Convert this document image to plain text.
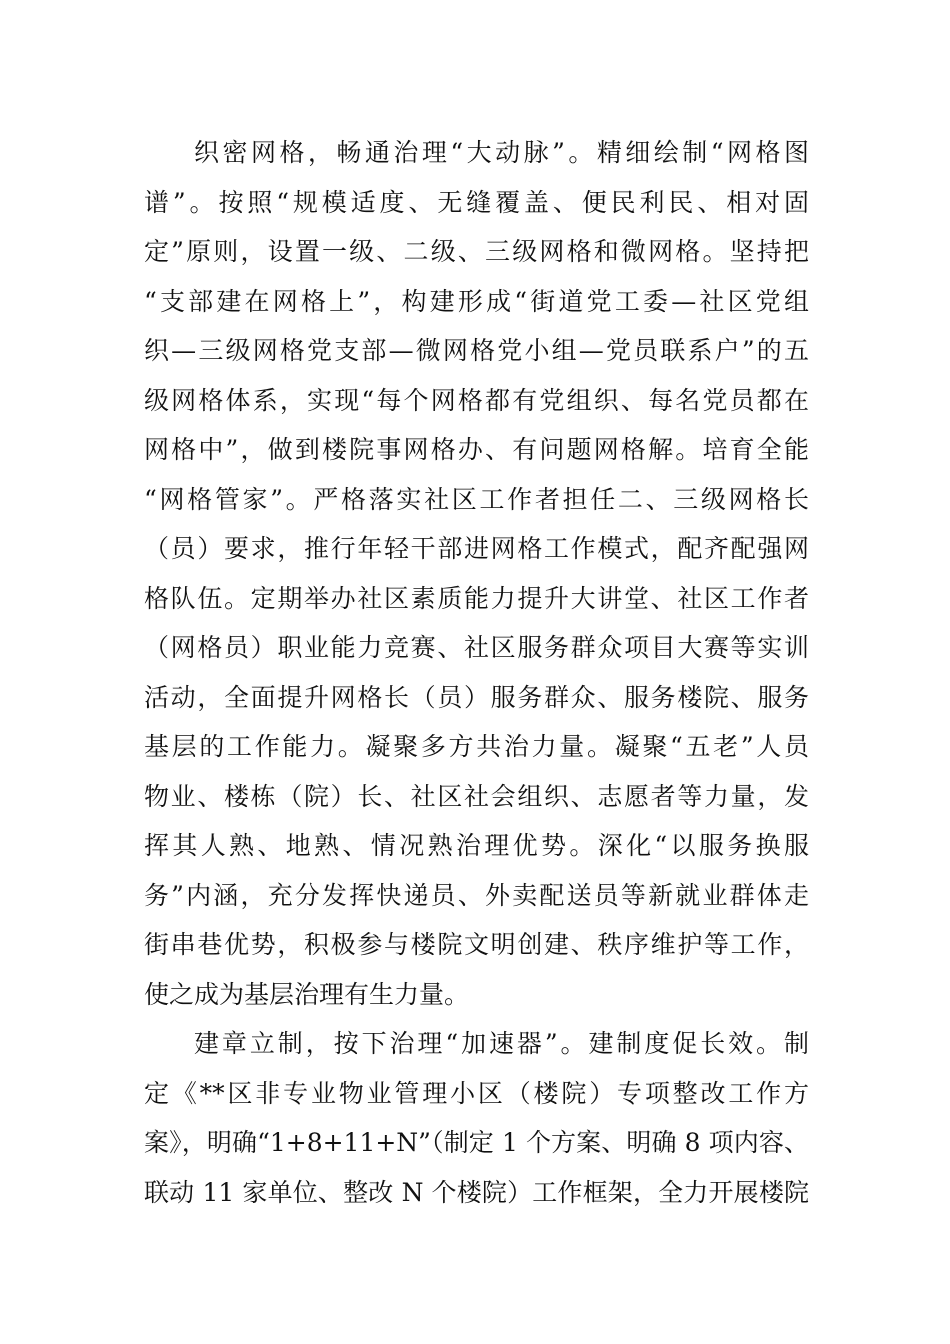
织密网格，畅通治理“大动脉”。精细绘制“网格图
谱”。按照“规模适度、无缝覆盖、便民利民、相对固
定”原则，设置一级、二级、三级网格和微网格。坚持把
“支部建在网格上”，构建形成“街道党工委—社区党组
织—三级网格党支部—微网格党小组—党员联系户”的五
级网格体系，实现“每个网格都有党组织、每名党员都在
网格中”，做到楼院事网格办、有问题网格解。培育全能
“网格管家”。严格落实社区工作者担任二、三级网格长
（员）要求，推行年轻干部进网格工作模式，配齐配强网
格队伍。定期举办社区素质能力提升大讲堂、社区工作者
（网格员）职业能力竞赛、社区服务群众项目大赛等实训
活动，全面提升网格长（员）服务群众、服务楼院、服务
基层的工作能力。凝聚多方共治力量。凝聚“五老”人员
物业、楼栋（院）长、社区社会组织、志愿者等力量，发
挥其人熟、地熟、情况熟治理优势。深化“以服务换服
务”内涵，充分发挥快递员、外卖配送员等新就业群体走
街串巷优势，积极参与楼院文明创建、秩序维护等工作，
使之成为基层治理有生力量。
建章立制，按下治理“加速器”。建制度促长效。制
定《**区非专业物业管理小区（楼院）专项整改工作方
案》，明确“1+8+11+N”（制定 1 个方案、明确 8 项内容、
联动 11 家单位、整改 N 个楼院）工作框架，全力开展楼院
